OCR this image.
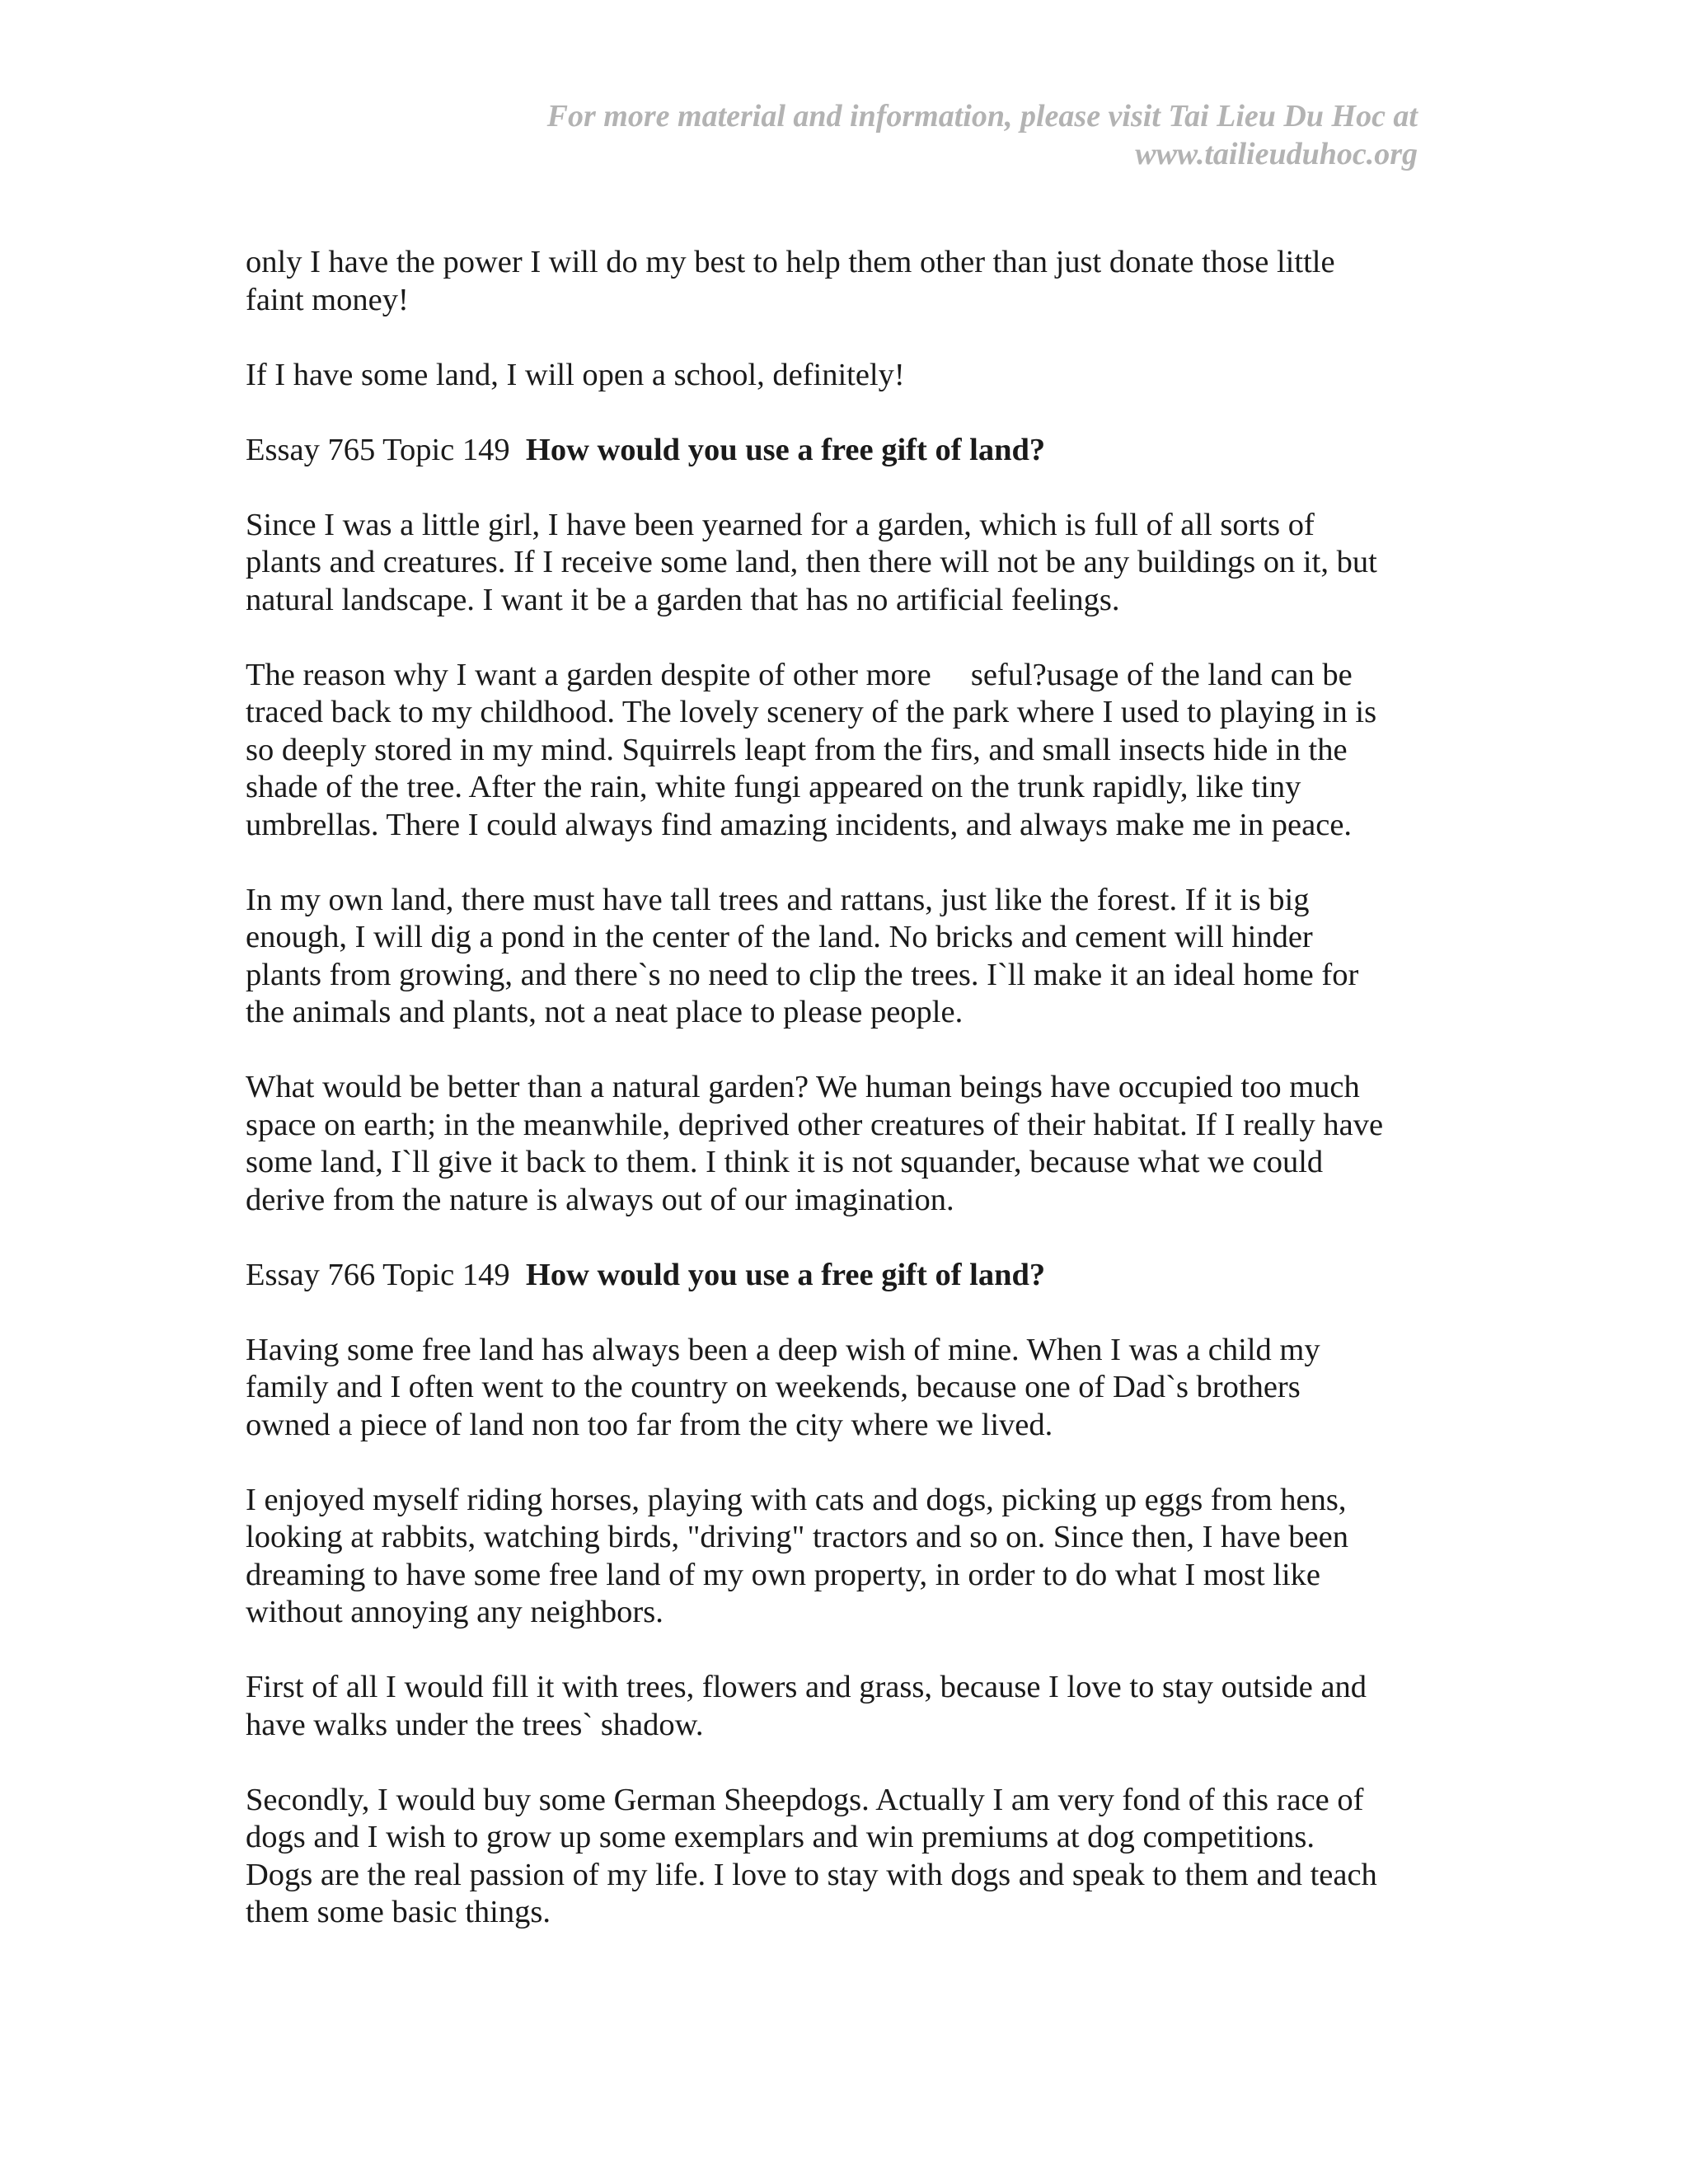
For more material and information, please visit Tai Lieu Du Hoc at
www.tailieuduhoc.org
only I have the power I will do my best to help them other than just donate those little
faint money!
If I have some land, I will open a school, definitely!
Essay 765 Topic 149  How would you use a free gift of land?
Since I was a little girl, I have been yearned for a garden, which is full of all sorts of
plants and creatures. If I receive some land, then there will not be any buildings on it, but
natural landscape. I want it be a garden that has no artificial feelings.
The reason why I want a garden despite of other more     seful?usage of the land can be
traced back to my childhood. The lovely scenery of the park where I used to playing in is
so deeply stored in my mind. Squirrels leapt from the firs, and small insects hide in the
shade of the tree. After the rain, white fungi appeared on the trunk rapidly, like tiny
umbrellas. There I could always find amazing incidents, and always make me in peace.
In my own land, there must have tall trees and rattans, just like the forest. If it is big
enough, I will dig a pond in the center of the land. No bricks and cement will hinder
plants from growing, and there`s no need to clip the trees. I`ll make it an ideal home for
the animals and plants, not a neat place to please people.
What would be better than a natural garden? We human beings have occupied too much
space on earth; in the meanwhile, deprived other creatures of their habitat. If I really have
some land, I`ll give it back to them. I think it is not squander, because what we could
derive from the nature is always out of our imagination.
Essay 766 Topic 149  How would you use a free gift of land?
Having some free land has always been a deep wish of mine. When I was a child my
family and I often went to the country on weekends, because one of Dad`s brothers
owned a piece of land non too far from the city where we lived.
I enjoyed myself riding horses, playing with cats and dogs, picking up eggs from hens,
looking at rabbits, watching birds, "driving" tractors and so on. Since then, I have been
dreaming to have some free land of my own property, in order to do what I most like
without annoying any neighbors.
First of all I would fill it with trees, flowers and grass, because I love to stay outside and
have walks under the trees` shadow.
Secondly, I would buy some German Sheepdogs. Actually I am very fond of this race of
dogs and I wish to grow up some exemplars and win premiums at dog competitions.
Dogs are the real passion of my life. I love to stay with dogs and speak to them and teach
them some basic things.
